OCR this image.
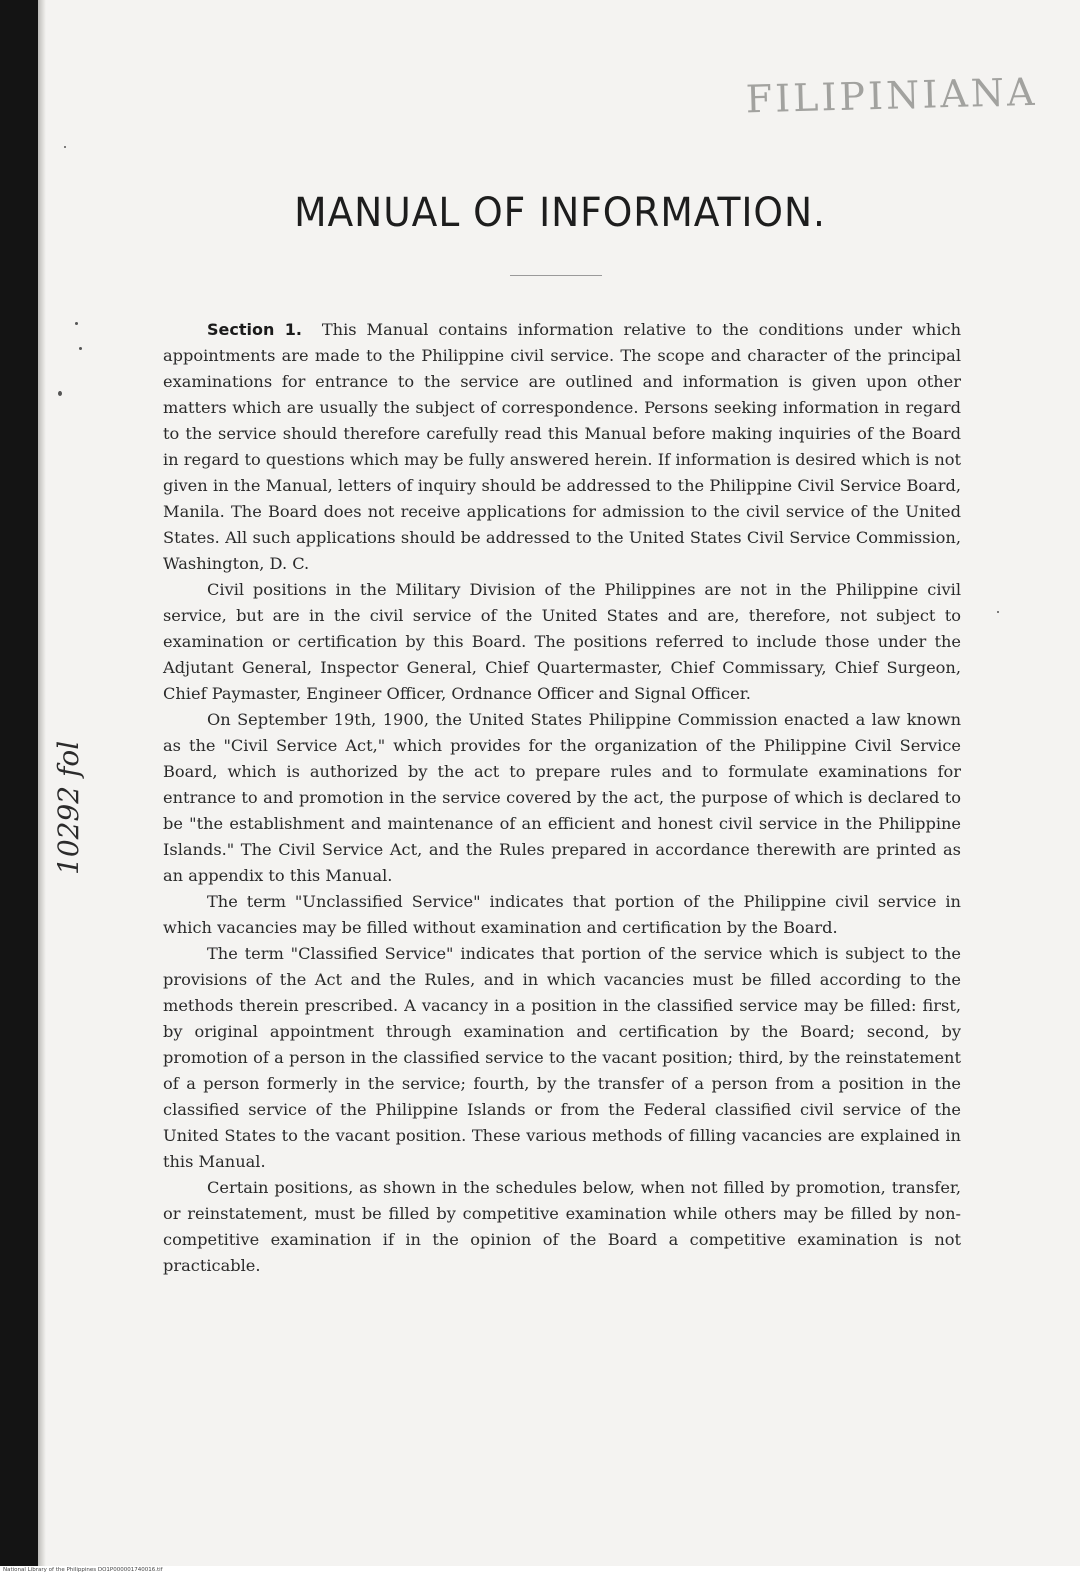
FILIPINIANA
MANUAL OF INFORMATION.
10292 fol

Section 1. This Manual contains information relative to the conditions under which appointments are made to the Philippine civil service. The scope and character of the principal examinations for entrance to the service are outlined and information is given upon other matters which are usually the subject of correspondence. Persons seeking information in regard to the service should therefore carefully read this Manual before making inquiries of the Board in regard to questions which may be fully answered herein. If information is desired which is not given in the Manual, letters of inquiry should be addressed to the Philippine Civil Service Board, Manila. The Board does not receive applications for admission to the civil service of the United States. All such applications should be addressed to the United States Civil Service Commission, Washington, D. C.

Civil positions in the Military Division of the Philippines are not in the Philippine civil service, but are in the civil service of the United States and are, therefore, not subject to examination or certification by this Board. The positions referred to include those under the Adjutant General, Inspector General, Chief Quartermaster, Chief Commissary, Chief Surgeon, Chief Paymaster, Engineer Officer, Ordnance Officer and Signal Officer.

On September 19th, 1900, the United States Philippine Commission enacted a law known as the "Civil Service Act," which provides for the organization of the Philippine Civil Service Board, which is authorized by the act to prepare rules and to formulate examinations for entrance to and promotion in the service covered by the act, the purpose of which is declared to be "the establishment and maintenance of an efficient and honest civil service in the Philippine Islands." The Civil Service Act, and the Rules prepared in accordance therewith are printed as an appendix to this Manual.

The term "Unclassified Service" indicates that portion of the Philippine civil service in which vacancies may be filled without examination and certification by the Board.

The term "Classified Service" indicates that portion of the service which is subject to the provisions of the Act and the Rules, and in which vacancies must be filled according to the methods therein prescribed. A vacancy in a position in the classified service may be filled: first, by original appointment through examination and certification by the Board; second, by promotion of a person in the classified service to the vacant position; third, by the reinstatement of a person formerly in the service; fourth, by the transfer of a person from a position in the classified service of the Philippine Islands or from the Federal classified civil service of the United States to the vacant position. These various methods of filling vacancies are explained in this Manual.

Certain positions, as shown in the schedules below, when not filled by promotion, transfer, or reinstatement, must be filled by competitive examination while others may be filled by non-competitive examination if in the opinion of the Board a competitive examination is not practicable.

National Library of the Philippines DO1P000001740016.tif
